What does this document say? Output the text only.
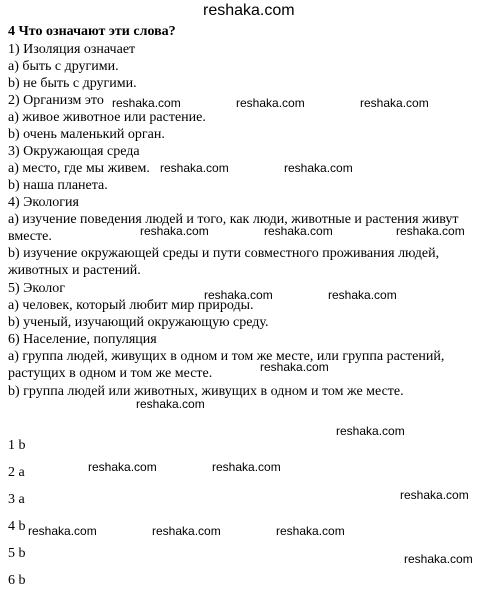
reshaka.com

4 Что означают эти слова?

1) Изоляция означает

a) быть с другими.

b) не быть с другими.

2) Организм это

a) живое животное или растение.

b) очень маленький орган.

3) Окружающая среда

a) место, где мы живем.

b) наша планета.

4) Экология

a) изучение поведения людей и того, как люди, животные и растения живут

вместе.

b) изучение окружающей среды и пути совместного проживания людей,

животных и растений.

5) Эколог

a) человек, который любит мир природы.

b) ученый, изучающий окружающую среду.

6) Население, популяция

a) группа людей, живущих в одном и том же месте, или группа растений,

растущих в одном и том же месте.

b) группа людей или животных, живущих в одном и том же месте.

1 b

2 a

3 a

4 b

5 b

6 b

reshaka.com	reshaka.com	reshaka.com
reshaka.com	reshaka.com
reshaka.com	reshaka.com	reshaka.com
reshaka.com	reshaka.com
reshaka.com
reshaka.com
reshaka.com
reshaka.com	reshaka.com
reshaka.com
reshaka.com	reshaka.com	reshaka.com
reshaka.com
